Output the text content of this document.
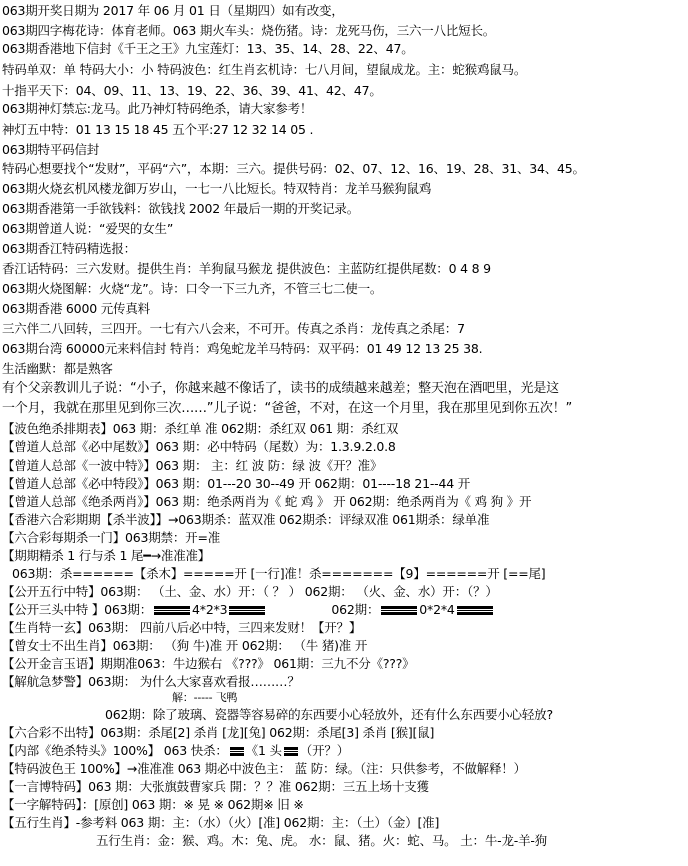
063期开奖日期为 2017 年 06 月 01 日（星期四）如有改变，
063期四字梅花诗：体育老师。063 期火车头：烧伤猪。诗：龙死马伤，三六一八比短长。
063期香港地下信封《千王之王》九宝莲灯：13、35、14、28、22、47。
特码单双：单 特码大小：小 特码波色：红生肖玄机诗：七八月间，望鼠成龙。主：蛇猴鸡鼠马。
十指平天下：04、09、11、13、19、22、36、39、41、42、47。
063期神灯禁忘:龙马。此乃神灯特码绝杀，请大家参考！
神灯五中特：01 13 15 18 45 五个平:27 12 32 14 05 .
063期特平码信封
特码心想要找个“发财”，平码“六”，本期：三六。提供号码：02、07、12、16、19、28、31、34、45。
063期火烧玄机风楼龙御万岁山，一七一八比短长。特双特肖：龙羊马猴狗鼠鸡
063期香港第一手欲钱料：欲钱找 2002 年最后一期的开奖记录。
063期曾道人说：“爱哭的女生”
063期香江特码精选报：
香江话特码：三六发财。提供生肖：羊狗鼠马猴龙 提供波色：主蓝防红提供尾数：0 4 8 9
063期火烧图解：火烧“龙”。诗：口令一下三九齐，不管三七二使一。
063期香港 6000 元传真料
三六伴二八回转，三四开。一七有六八会来，不可开。传真之杀肖：龙传真之杀尾：7
063期台湾 60000元来料信封 特肖：鸡兔蛇龙羊马特码：双平码：01 49 12 13 25 38.
生活幽默：都是熟客
有个父亲教训儿子说：“小子，你越来越不像话了，读书的成绩越来越差；整天泡在酒吧里，光是这
一个月，我就在那里见到你三次……”儿子说：“爸爸，不对，在这一个月里，我在那里见到你五次！”
【波色绝杀排期表】063 期：杀红单 准 062期：杀红双 061 期：杀红双
【曾道人总部《必中尾数》】063 期：必中特码（尾数）为：1.3.9.2.0.8
【曾道人总部《一波中特》】063 期： 主：红 波 防：绿 波《开？准》
【曾道人总部《必中特段》】063 期：01---20 30--49 开 062期：01----18 21--44 开
【曾道人总部《绝杀两肖》】063 期：绝杀两肖为《 蛇 鸡 》 开 062期：绝杀两肖为《 鸡 狗 》开
【香港六合彩期期【杀半波】】→063期杀：蓝双准 062期杀：评绿双准 061期杀：绿单准
【六合彩每期杀一门】063期禁：开=准
【期期精杀 1 行与杀 1 尾━→准准准】
063期：杀======【杀木】=====开 [一行]准！杀=======【9】======开 [==尾]
【公开五行中特】063期： （土、金、水）开：（ ？ ） 062期： （火、金、水）开：（？）
【公开三头中特 】063期：	4*2*3	062期：	0*2*4
【生肖特一玄】063期： 四前八后必中特，三四来发财！【开？】
【曾女士不出生肖】063期： （狗 牛)准 开 062期： （牛 猪)准 开
【公开金言玉语】期期准063：牛边猴右 《???》 061期：三九不分《???》
【解航急梦警】063期： 为什么大家喜欢看报………？
解：----- 飞鸭
062期：除了玻璃、瓷器等容易碎的东西要小心轻放外，还有什么东西要小心轻放?
【六合彩不出特】063期：杀尾[2] 杀肖 [龙][兔] 062期：杀尾[3] 杀肖 [猴][鼠]
【内部《绝杀特头》100%】 063 快杀： 《1 头 （开？）
【特码波色王 100%】→准准准 063 期必中波色主： 蓝 防：绿。（注：只供参考，不做解释！）
【一言博特码】063 期：大张旗鼓曹家兵 開：？？准 062期：三五上场十支獲
【一字解特码】：[原创] 063 期：※ 晃 ※ 062期※ 旧 ※
【五行生肖】-参考料 063 期：主：（水）（火）[准] 062期：主：（土）（金）[准]
五行生肖：金：猴、鸡。木：兔、虎。 水：鼠、猪。火：蛇、马。 土：牛-龙-羊-狗
